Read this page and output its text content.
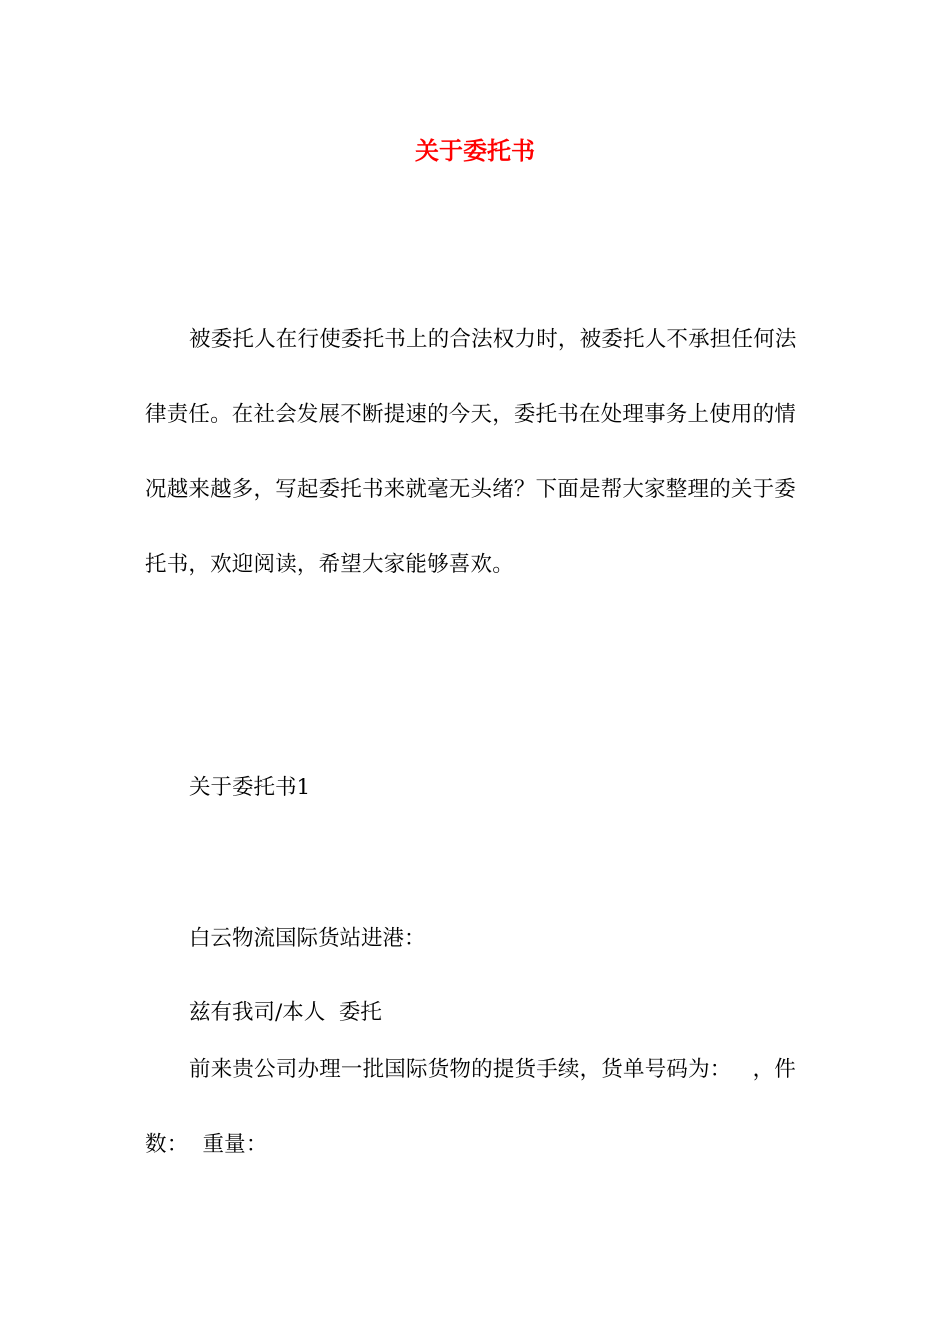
关于委托书

被委托人在行使委托书上的合法权力时，被委托人不承担任何法律责任。在社会发展不断提速的今天，委托书在处理事务上使用的情况越来越多，写起委托书来就毫无头绪？下面是帮大家整理的关于委托书，欢迎阅读，希望大家能够喜欢。

关于委托书1

白云物流国际货站进港：

兹有我司/本人  委托

前来贵公司办理一批国际货物的提货手续，货单号码为：   ，件数：  重量：
